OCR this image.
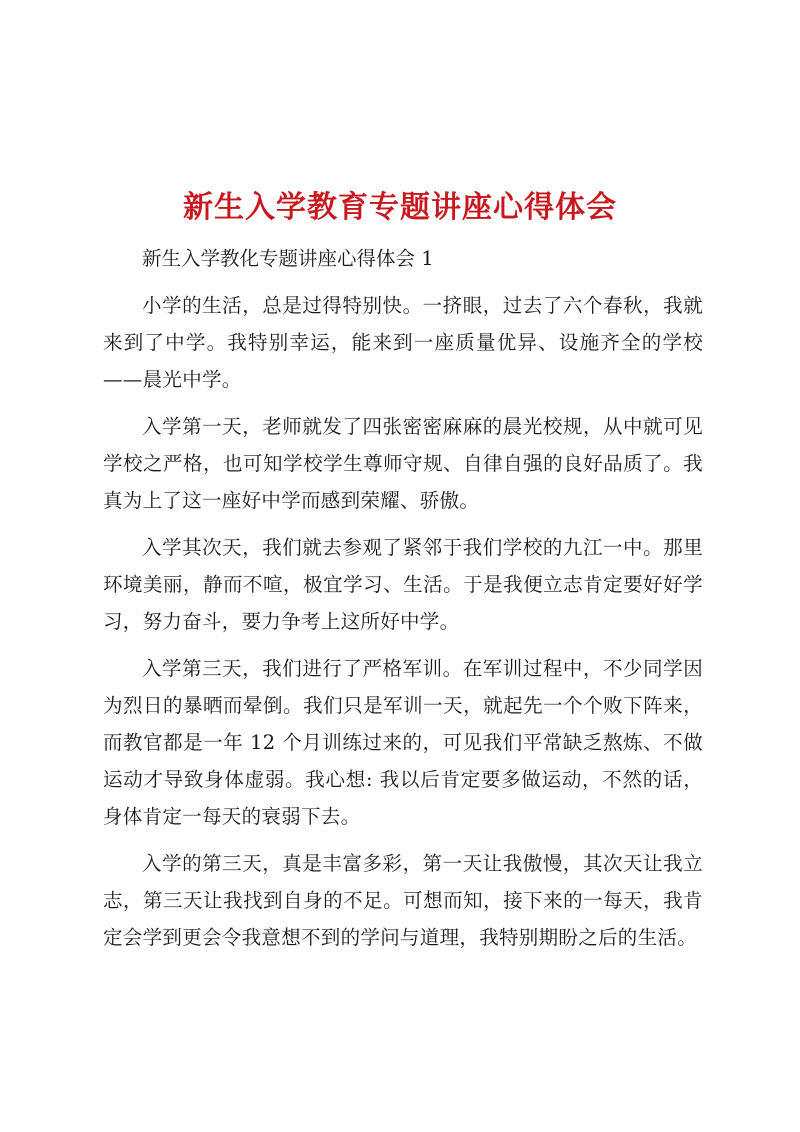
新生入学教育专题讲座心得体会

新生入学教化专题讲座心得体会 1

小学的生活，总是过得特别快。一挤眼，过去了六个春秋，我就来到了中学。我特别幸运，能来到一座质量优异、设施齐全的学校——晨光中学。

入学第一天，老师就发了四张密密麻麻的晨光校规，从中就可见学校之严格，也可知学校学生尊师守规、自律自强的良好品质了。我真为上了这一座好中学而感到荣耀、骄傲。

入学其次天，我们就去参观了紧邻于我们学校的九江一中。那里环境美丽，静而不喧，极宜学习、生活。于是我便立志肯定要好好学习，努力奋斗，要力争考上这所好中学。

入学第三天，我们进行了严格军训。在军训过程中，不少同学因为烈日的暴晒而晕倒。我们只是军训一天，就起先一个个败下阵来，而教官都是一年 12 个月训练过来的，可见我们平常缺乏熬炼、不做运动才导致身体虚弱。我心想: 我以后肯定要多做运动，不然的话，身体肯定一每天的衰弱下去。

入学的第三天，真是丰富多彩，第一天让我傲慢，其次天让我立志，第三天让我找到自身的不足。可想而知，接下来的一每天，我肯定会学到更会令我意想不到的学问与道理，我特别期盼之后的生活。
